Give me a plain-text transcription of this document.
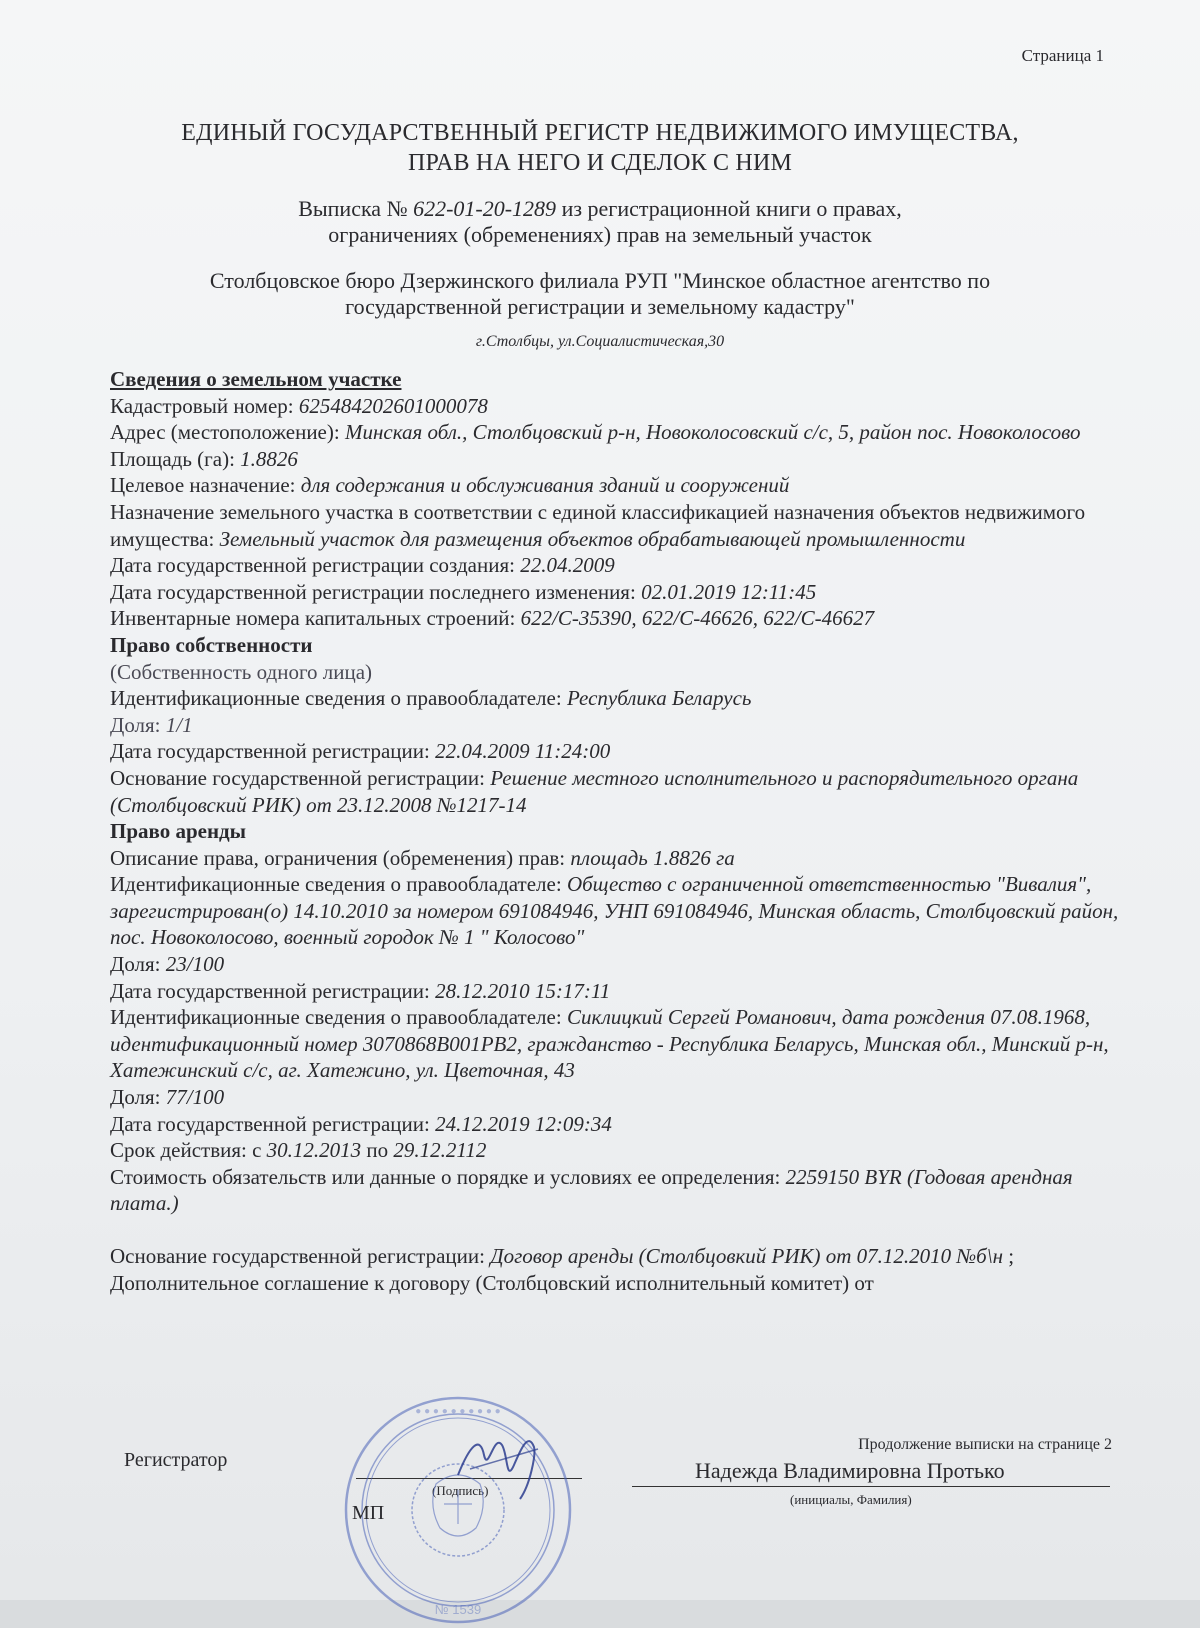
Страница 1
ЕДИНЫЙ ГОСУДАРСТВЕННЫЙ РЕГИСТР НЕДВИЖИМОГО ИМУЩЕСТВА,
ПРАВ НА НЕГО И СДЕЛОК С НИМ
Выписка № 622-01-20-1289 из регистрационной книги о правах, ограничениях (обременениях) прав на земельный участок
Столбцовское бюро Дзержинского филиала РУП "Минское областное агентство по государственной регистрации и земельному кадастру"
г.Столбцы, ул.Социалистическая,30

Сведения о земельном участке

Кадастровый номер: 625484202601000078

Адрес (местоположение): Минская обл., Столбцовский р-н, Новоколосовский с/с, 5, район пос. Новоколосово

Площадь (га): 1.8826

Целевое назначение: для содержания и обслуживания зданий и сооружений

Назначение земельного участка в соответствии с единой классификацией назначения объектов недвижимого имущества: Земельный участок для размещения объектов обрабатывающей промышленности

Дата государственной регистрации создания: 22.04.2009

Дата государственной регистрации последнего изменения: 02.01.2019 12:11:45

Инвентарные номера капитальных строений: 622/С-35390, 622/С-46626, 622/С-46627

Право собственности

(Собственность одного лица)

Идентификационные сведения о правообладателе: Республика Беларусь

Доля: 1/1

Дата государственной регистрации: 22.04.2009 11:24:00

Основание государственной регистрации: Решение местного исполнительного и распорядительного органа (Столбцовский РИК) от 23.12.2008 №1217-14

Право аренды

Описание права, ограничения (обременения) прав: площадь 1.8826 га

Идентификационные сведения о правообладателе: Общество с ограниченной ответственностью "Вивалия", зарегистрирован(о) 14.10.2010 за номером 691084946, УНП 691084946, Минская область, Столбцовский район, пос. Новоколосово, военный городок № 1 " Колосово"

Доля: 23/100

Дата государственной регистрации: 28.12.2010 15:17:11

Идентификационные сведения о правообладателе: Сиклицкий Сергей Романович, дата рождения 07.08.1968, идентификационный номер 3070868В001РВ2, гражданство - Республика Беларусь, Минская обл., Минский р-н, Хатежинский с/с, аг. Хатежино, ул. Цветочная, 43

Доля: 77/100

Дата государственной регистрации: 24.12.2019 12:09:34

Срок действия: с 30.12.2013 по 29.12.2112

Стоимость обязательств или данные о порядке и условиях ее определения: 2259150 BYR (Годовая арендная плата.)

Основание государственной регистрации: Договор аренды (Столбцовкий РИК) от 07.12.2010 №б\н ; Дополнительное соглашение к договору (Столбцовский исполнительный комитет) от

Продолжение выписки на странице 2
Регистратор
(Подпись)
Надежда Владимировна Протько
(инициалы, Фамилия)
● ● ● ● ● ● ● ● ● ●
№ 1539
МП
